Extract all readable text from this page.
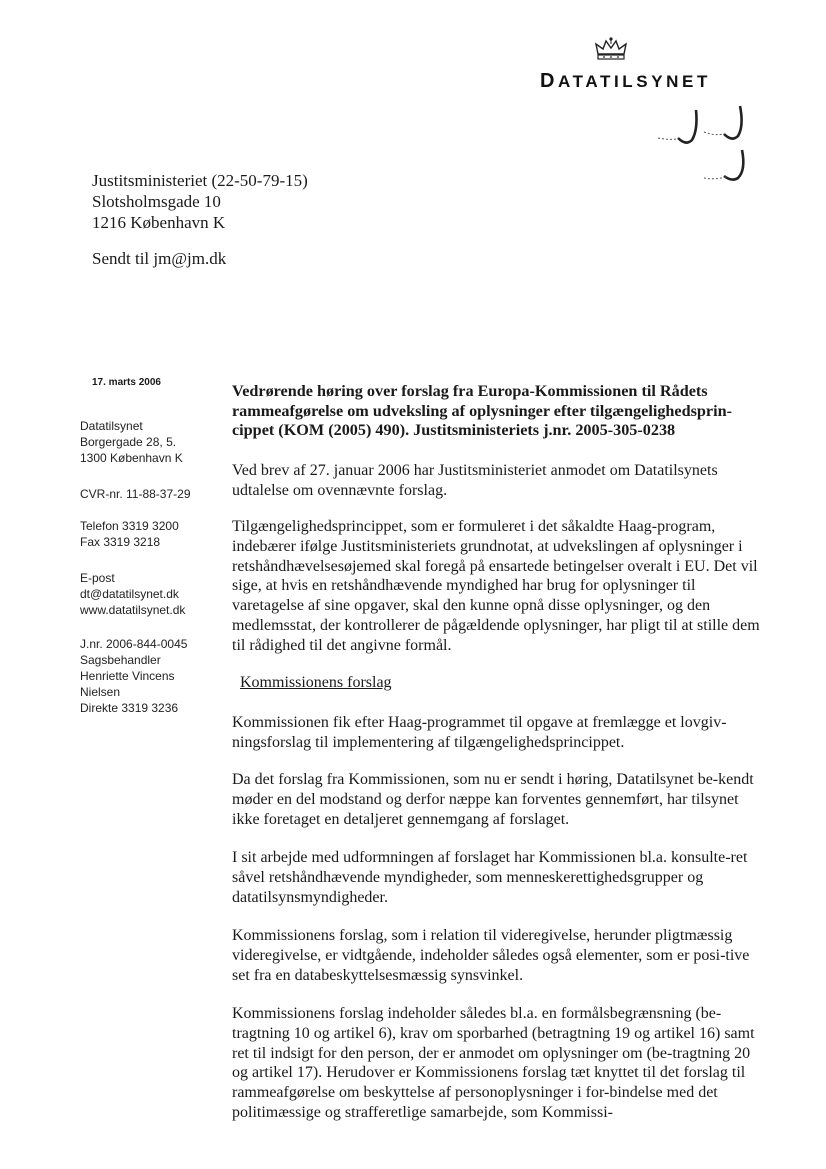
DATATILSYNET
Justitsministeriet (22-50-79-15)
Slotsholmsgade 10
1216 København K
Sendt til jm@jm.dk
17. marts 2006
Datatilsynet
Borgergade 28, 5.
1300 København K
CVR-nr. 11-88-37-29
Telefon 3319 3200
Fax 3319 3218
E-post
dt@datatilsynet.dk
www.datatilsynet.dk
J.nr. 2006-844-0045
Sagsbehandler
Henriette Vincens
Nielsen
Direkte 3319 3236
Vedrørende høring over forslag fra Europa-Kommissionen til Rådets rammeafgørelse om udveksling af oplysninger efter tilgængelighedsprin-cippet (KOM (2005) 490). Justitsministeriets j.nr. 2005-305-0238
Ved brev af 27. januar 2006 har Justitsministeriet anmodet om Datatilsynets udtalelse om ovennævnte forslag.
Tilgængelighedsprincippet, som er formuleret i det såkaldte Haag-program, indebærer ifølge Justitsministeriets grundnotat, at udvekslingen af oplysninger i retshåndhævelsesøjemed skal foregå på ensartede betingelser overalt i EU. Det vil sige, at hvis en retshåndhævende myndighed har brug for oplysninger til varetagelse af sine opgaver, skal den kunne opnå disse oplysninger, og den medlemsstat, der kontrollerer de pågældende oplysninger, har pligt til at stille dem til rådighed til det angivne formål.
Kommissionens forslag
Kommissionen fik efter Haag-programmet til opgave at fremlægge et lovgiv-ningsforslag til implementering af tilgængelighedsprincippet.
Da det forslag fra Kommissionen, som nu er sendt i høring, Datatilsynet be-kendt møder en del modstand og derfor næppe kan forventes gennemført, har tilsynet ikke foretaget en detaljeret gennemgang af forslaget.
I sit arbejde med udformningen af forslaget har Kommissionen bl.a. konsulte-ret såvel retshåndhævende myndigheder, som menneskerettighedsgrupper og datatilsynsmyndigheder.
Kommissionens forslag, som i relation til videregivelse, herunder pligtmæssig videregivelse, er vidtgående, indeholder således også elementer, som er posi-tive set fra en databeskyttelsesmæssig synsvinkel.
Kommissionens forslag indeholder således bl.a. en formålsbegrænsning (be-tragtning 10 og artikel 6), krav om sporbarhed (betragtning 19 og artikel 16) samt ret til indsigt for den person, der er anmodet om oplysninger om (be-tragtning 20 og artikel 17). Herudover er Kommissionens forslag tæt knyttet til det forslag til rammeafgørelse om beskyttelse af personoplysninger i for-bindelse med det politimæssige og strafferetlige samarbejde, som Kommissi-
